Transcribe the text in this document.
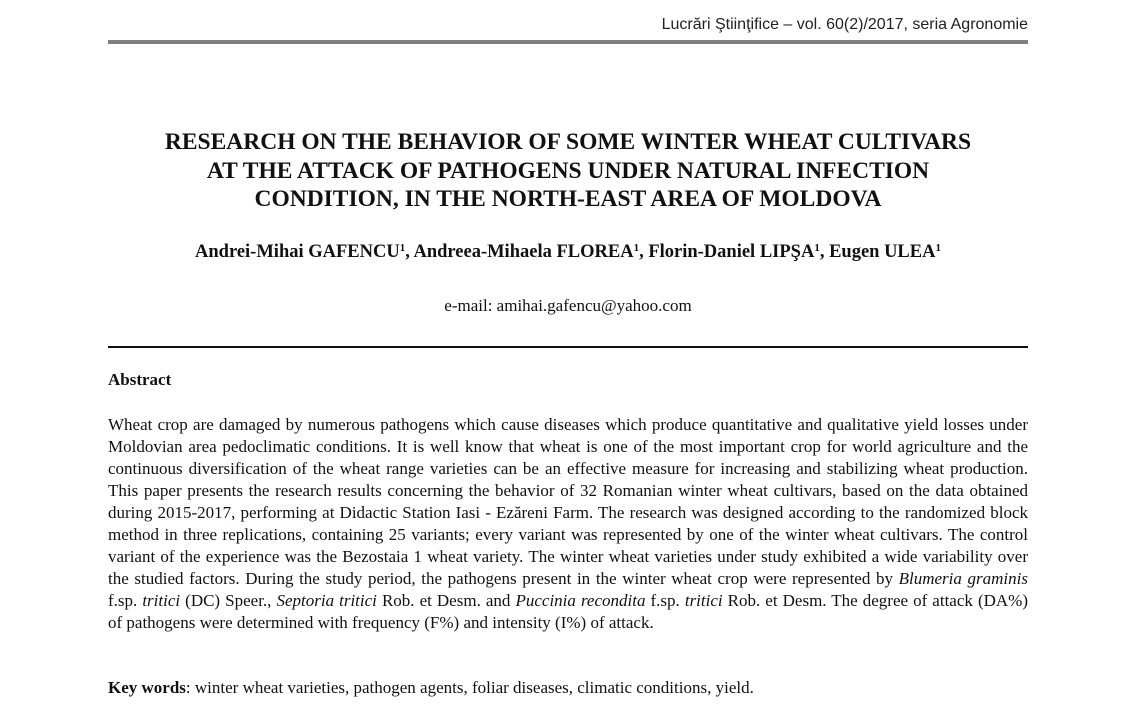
Lucrări Ştiinţifice – vol. 60(2)/2017, seria Agronomie
RESEARCH ON THE BEHAVIOR OF SOME WINTER WHEAT CULTIVARS
AT THE ATTACK OF PATHOGENS UNDER NATURAL INFECTION
CONDITION, IN THE NORTH-EAST AREA OF MOLDOVA
Andrei-Mihai GAFENCU$^1$, Andreea-Mihaela FLOREA$^1$, Florin-Daniel LIPŞA$^1$, Eugen ULEA$^1$
e-mail: amihai.gafencu@yahoo.com
Abstract

Wheat crop are damaged by numerous pathogens which cause diseases which produce quantitative and qualitative yield losses under Moldovian area pedoclimatic conditions. It is well know that wheat is one of the most important crop for world agriculture and the continuous diversification of the wheat range varieties can be an effective measure for increasing and stabilizing wheat production. This paper presents the research results concerning the behavior of 32 Romanian winter wheat cultivars, based on the data obtained during 2015-2017, performing at Didactic Station Iasi - Ezăreni Farm. The research was designed according to the randomized block method in three replications, containing 25 variants; every variant was represented by one of the winter wheat cultivars. The control variant of the experience was the Bezostaia 1 wheat variety. The winter wheat varieties under study exhibited a wide variability over the studied factors. During the study period, the pathogens present in the winter wheat crop were represented by Blumeria graminis f.sp. tritici (DC) Speer., Septoria tritici Rob. et Desm. and Puccinia recondita f.sp. tritici Rob. et Desm. The degree of attack (DA%) of pathogens were determined with frequency (F%) and intensity (I%) of attack.

Key words: winter wheat varieties, pathogen agents, foliar diseases, climatic conditions, yield.
